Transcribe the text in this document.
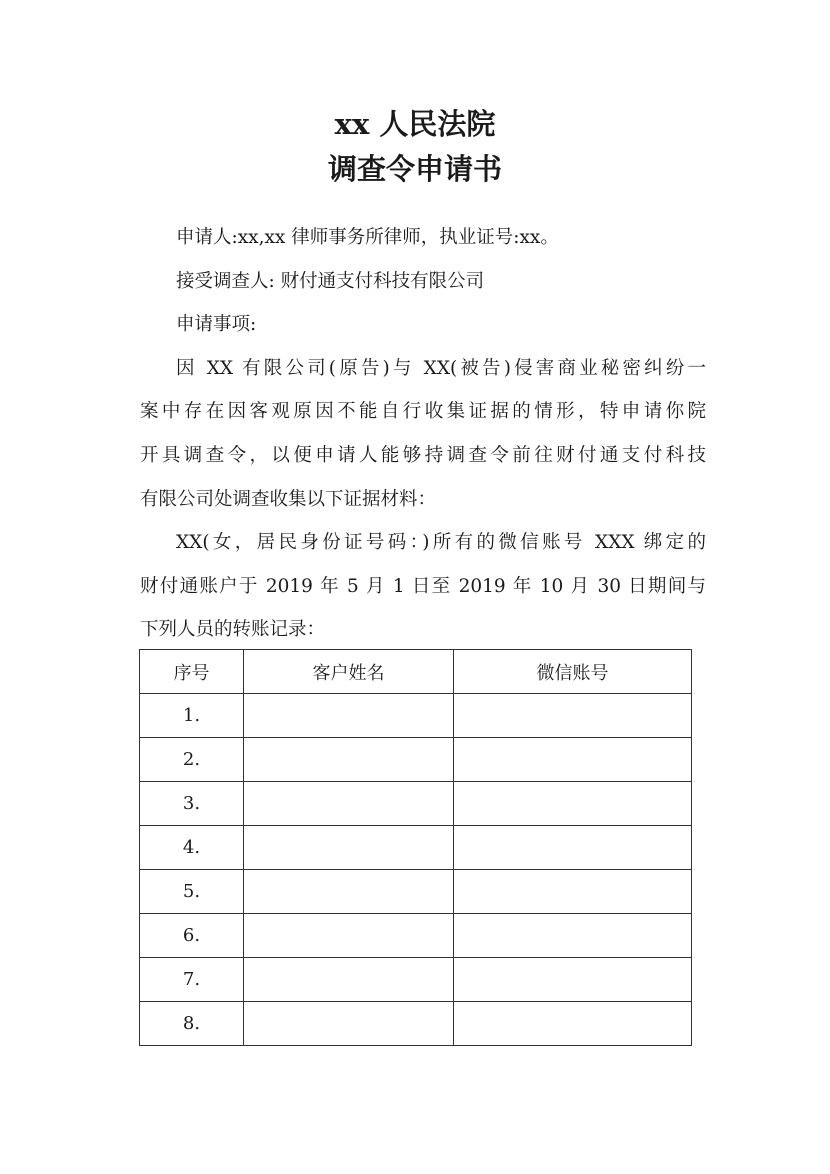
xx 人民法院
调查令申请书
申请人:xx,xx 律师事务所律师，执业证号:xx。
接受调查人: 财付通支付科技有限公司
申请事项:
因 XX 有限公司(原告)与 XX(被告)侵害商业秘密纠纷一
案中存在因客观原因不能自行收集证据的情形，特申请你院
开具调查令，以便申请人能够持调查令前往财付通支付科技
有限公司处调查收集以下证据材料：
XX(女，居民身份证号码：)所有的微信账号 XXX 绑定的
财付通账户于 2019 年 5 月 1 日至 2019 年 10 月 30 日期间与
下列人员的转账记录：
序号	客户姓名	微信账号
1.		
2.		
3.		
4.		
5.		
6.		
7.		
8.		
